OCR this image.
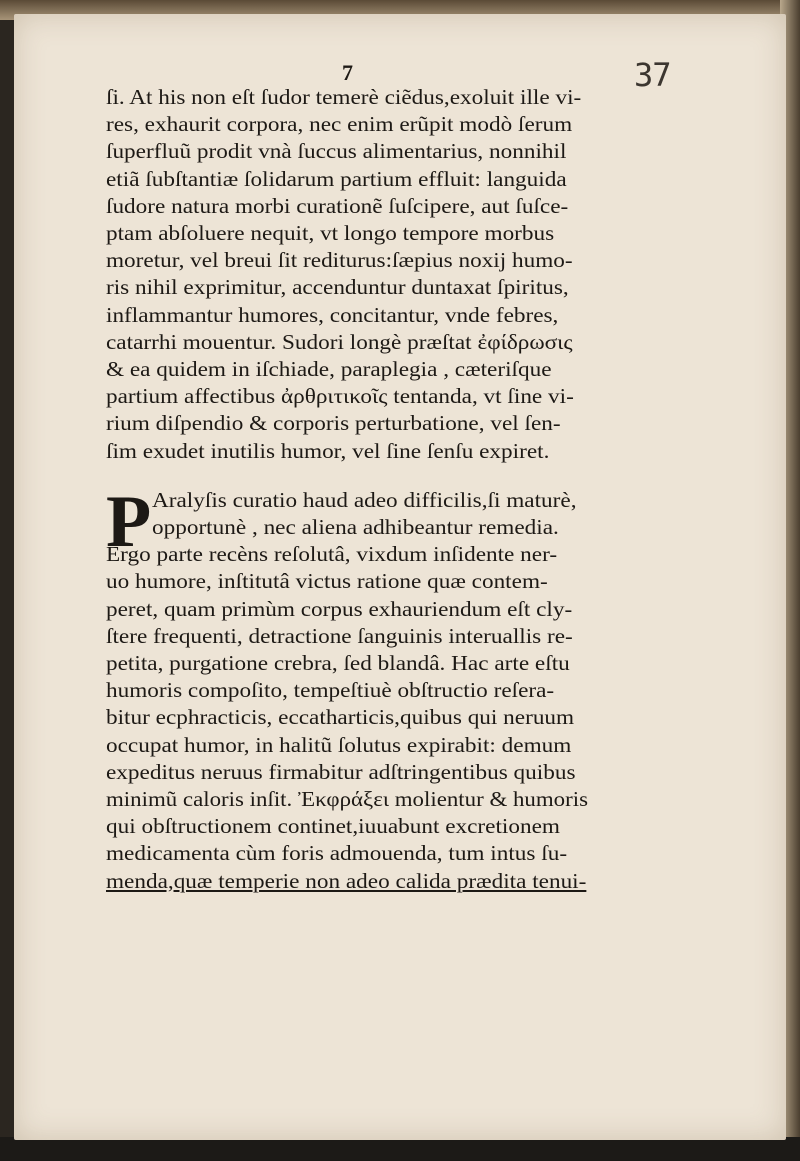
7	37
ſi. At his non eſt ſudor temerè ciẽdus,exoluit ille vi-
res, exhaurit corpora, nec enim erũpit modò ſerum
ſuperfluũ prodit vnà ſuccus alimentarius, nonnihil
etiã ſubſtantiæ ſolidarum partium effluit: languida
ſudore natura morbi curationẽ ſuſcipere, aut ſuſce-
ptam abſoluere nequit, vt longo tempore morbus
moretur, vel breui ſit rediturus:ſæpius noxij humo-
ris nihil exprimitur, accenduntur duntaxat ſpiritus,
inflammantur humores, concitantur, vnde febres,
catarrhi mouentur. Sudori longè præſtat ἐφίδρωσις
& ea quidem in iſchiade, paraplegia , cæteriſque
partium affectibus ἀρθριτικοῖς tentanda, vt ſine vi-
rium diſpendio & corporis perturbatione, vel ſen-
ſim exudet inutilis humor, vel ſine ſenſu expiret.
P Aralyſis curatio haud adeo difficilis,ſi maturè,
opportunè , nec aliena adhibeantur remedia.
Ergo parte recèns reſolutâ, vixdum inſidente ner-
uo humore, inſtitutâ victus ratione quæ contem-
peret, quam primùm corpus exhauriendum eſt cly-
ſtere frequenti, detractione ſanguinis interuallis re-
petita, purgatione crebra, ſed blandâ. Hac arte eſtu
humoris compoſito, tempeſtiuè obſtructio reſera-
bitur ecphracticis, eccatharticis,quibus qui neruum
occupat humor, in halitũ ſolutus expirabit: demum
expeditus neruus firmabitur adſtringentibus quibus
minimũ caloris inſit. Ἐκφράξει molientur & humoris
qui obſtructionem continet,iuuabunt excretionem
medicamenta cùm foris admouenda, tum intus ſu-
menda,quæ temperie non adeo calida prædita tenui-
